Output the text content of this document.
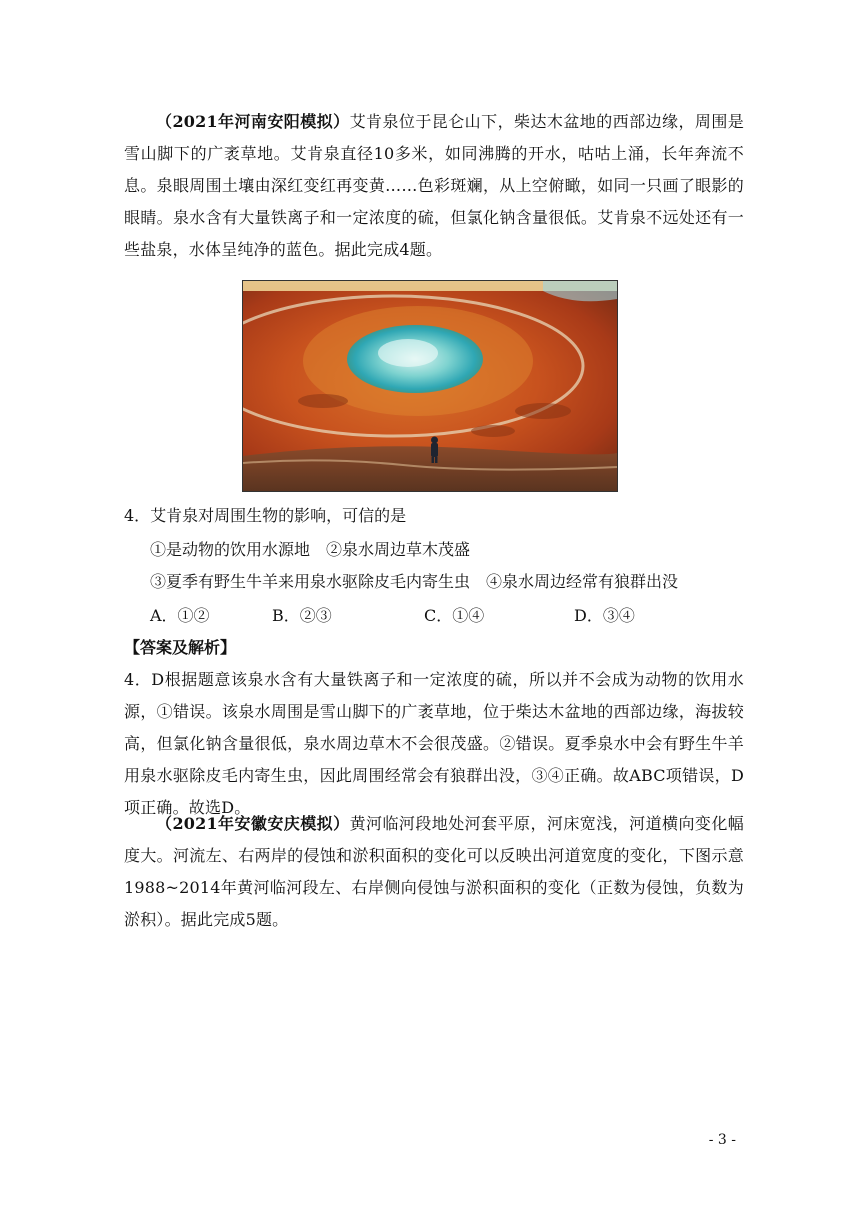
（2021年河南安阳模拟）艾肯泉位于昆仑山下，柴达木盆地的西部边缘，周围是雪山脚下的广袤草地。艾肯泉直径10多米，如同沸腾的开水，咕咕上涌，长年奔流不息。泉眼周围土壤由深红变红再变黄……色彩斑斓，从上空俯瞰，如同一只画了眼影的眼睛。泉水含有大量铁离子和一定浓度的硫，但氯化钠含量很低。艾肯泉不远处还有一些盐泉，水体呈纯净的蓝色。据此完成4题。

4．艾肯泉对周围生物的影响，可信的是
①是动物的饮用水源地　②泉水周边草木茂盛
③夏季有野生牛羊来用泉水驱除皮毛内寄生虫　④泉水周边经常有狼群出没
A．①②	B．②③	C．①④	D．③④
【答案及解析】

4．D根据题意该泉水含有大量铁离子和一定浓度的硫，所以并不会成为动物的饮用水源，①错误。该泉水周围是雪山脚下的广袤草地，位于柴达木盆地的西部边缘，海拔较高，但氯化钠含量很低，泉水周边草木不会很茂盛。②错误。夏季泉水中会有野生牛羊用泉水驱除皮毛内寄生虫，因此周围经常会有狼群出没，③④正确。故ABC项错误，D项正确。故选D。

（2021年安徽安庆模拟）黄河临河段地处河套平原，河床宽浅，河道横向变化幅度大。河流左、右两岸的侵蚀和淤积面积的变化可以反映出河道宽度的变化，下图示意1988~2014年黄河临河段左、右岸侧向侵蚀与淤积面积的变化（正数为侵蚀，负数为淤积）。据此完成5题。

- 3 -
